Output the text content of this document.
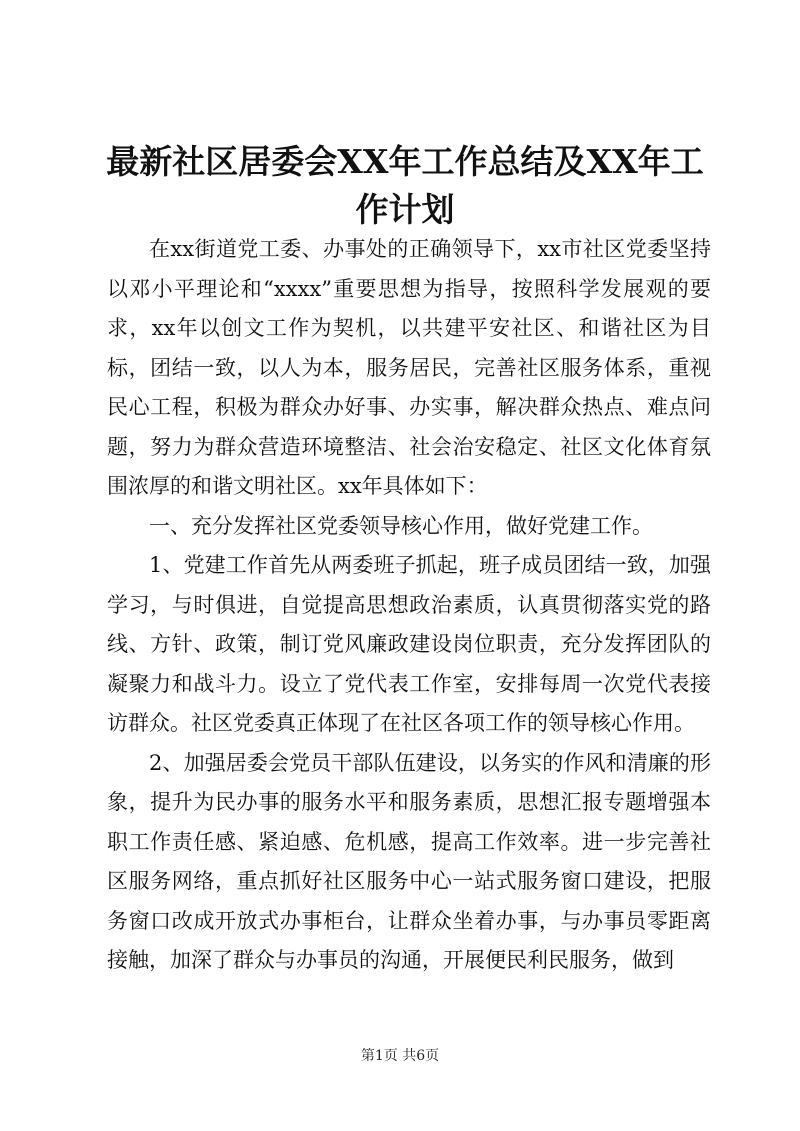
最新社区居委会XX年工作总结及XX年工作计划

在xx街道党工委、办事处的正确领导下，xx市社区党委坚持以邓小平理论和“xxxx”重要思想为指导，按照科学发展观的要求，xx年以创文工作为契机，以共建平安社区、和谐社区为目标，团结一致，以人为本，服务居民，完善社区服务体系，重视民心工程，积极为群众办好事、办实事，解决群众热点、难点问题，努力为群众营造环境整洁、社会治安稳定、社区文化体育氛围浓厚的和谐文明社区。xx年具体如下：

一、充分发挥社区党委领导核心作用，做好党建工作。

1、党建工作首先从两委班子抓起，班子成员团结一致，加强学习，与时俱进，自觉提高思想政治素质，认真贯彻落实党的路线、方针、政策，制订党风廉政建设岗位职责，充分发挥团队的凝聚力和战斗力。设立了党代表工作室，安排每周一次党代表接访群众。社区党委真正体现了在社区各项工作的领导核心作用。

2、加强居委会党员干部队伍建设，以务实的作风和清廉的形象，提升为民办事的服务水平和服务素质，思想汇报专题增强本职工作责任感、紧迫感、危机感，提高工作效率。进一步完善社区服务网络，重点抓好社区服务中心一站式服务窗口建设，把服务窗口改成开放式办事柜台，让群众坐着办事，与办事员零距离接触，加深了群众与办事员的沟通，开展便民利民服务，做到

第1页 共6页
